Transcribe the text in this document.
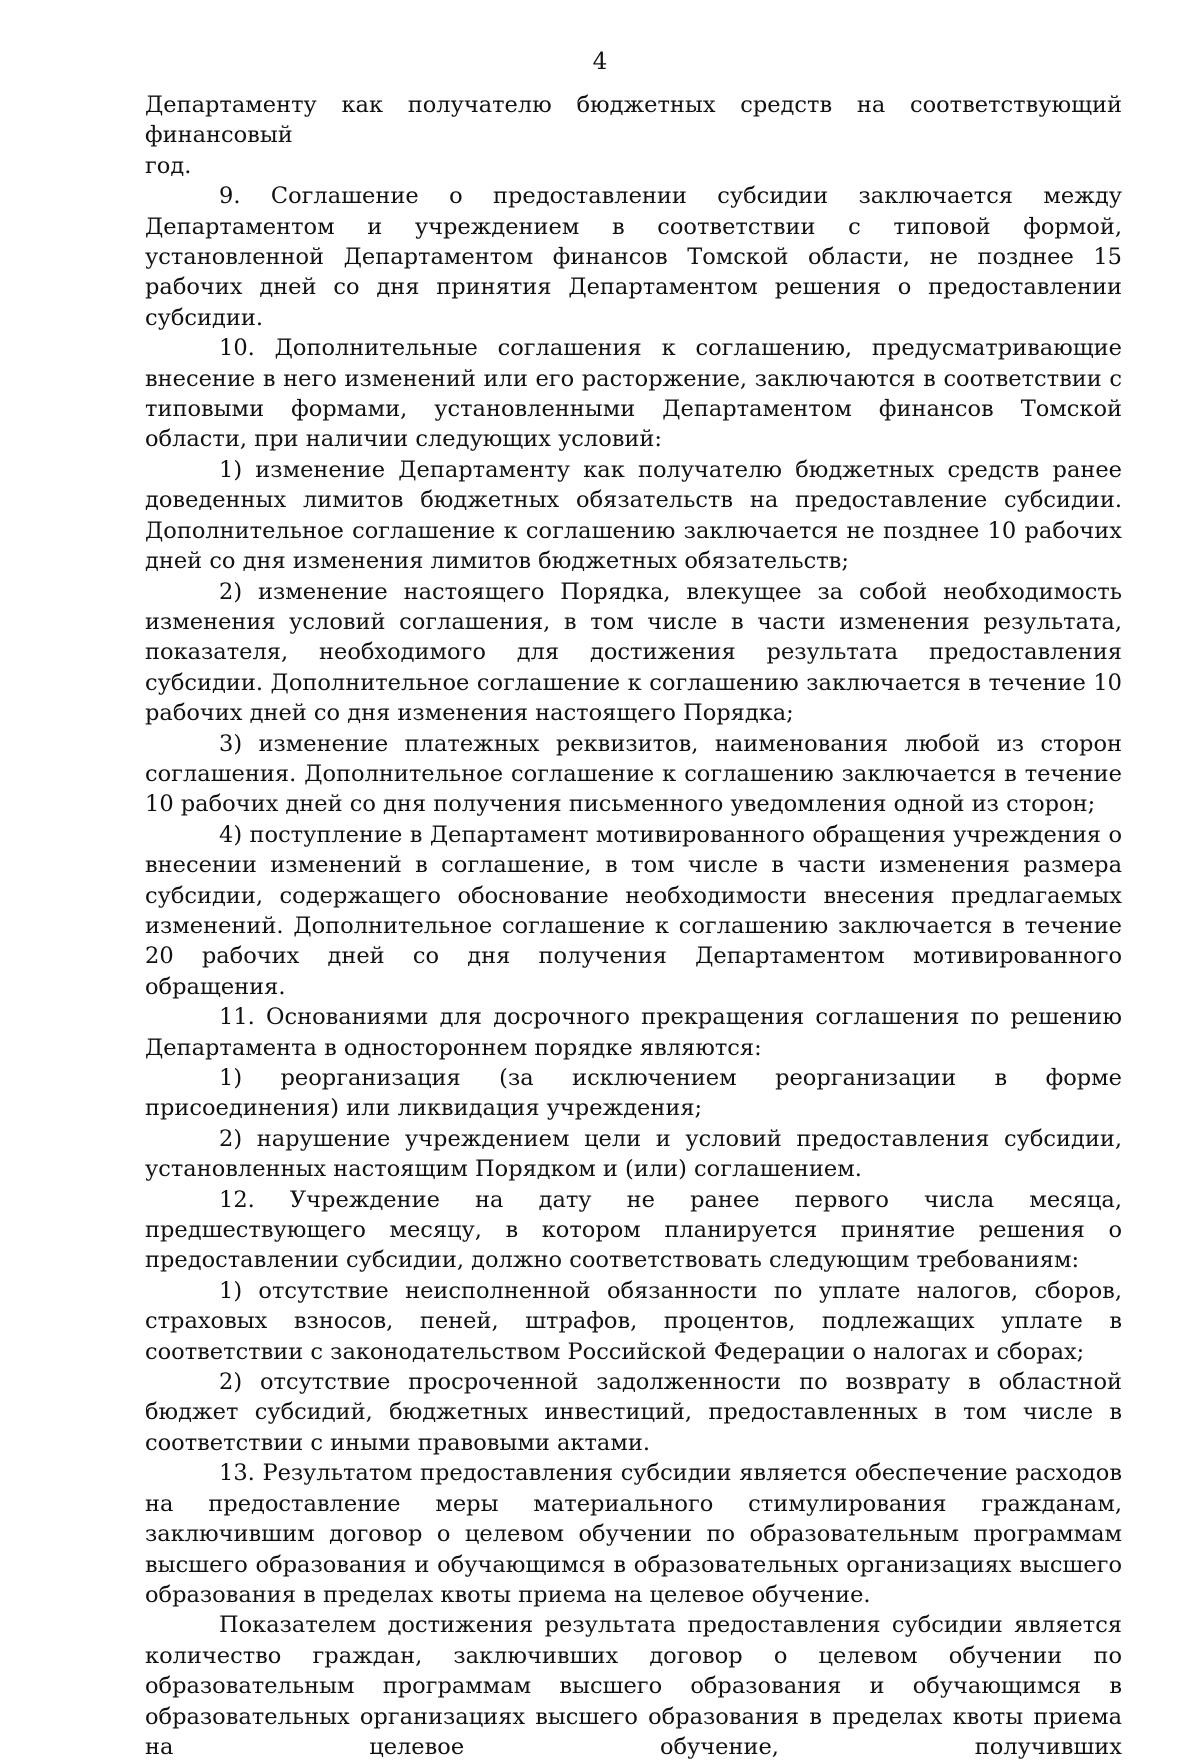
4

Департаменту как получателю бюджетных средств на соответствующий финансовый

год.

9. Соглашение о предоставлении субсидии заключается между Департаментом и учреждением в соответствии с типовой формой, установленной Департаментом финансов Томской области, не позднее 15 рабочих дней со дня принятия Департаментом решения о предоставлении субсидии.

10. Дополнительные соглашения к соглашению, предусматривающие внесение в него изменений или его расторжение, заключаются в соответствии с типовыми формами, установленными Департаментом финансов Томской области, при наличии следующих условий:

1) изменение Департаменту как получателю бюджетных средств ранее доведенных лимитов бюджетных обязательств на предоставление субсидии. Дополнительное соглашение к соглашению заключается не позднее 10 рабочих дней со дня изменения лимитов бюджетных обязательств;

2) изменение настоящего Порядка, влекущее за собой необходимость изменения условий соглашения, в том числе в части изменения результата, показателя, необходимого для достижения результата предоставления субсидии. Дополнительное соглашение к соглашению заключается в течение 10 рабочих дней со дня изменения настоящего Порядка;

3) изменение платежных реквизитов, наименования любой из сторон соглашения. Дополнительное соглашение к соглашению заключается в течение 10 рабочих дней со дня получения письменного уведомления одной из сторон;

4) поступление в Департамент мотивированного обращения учреждения о внесении изменений в соглашение, в том числе в части изменения размера субсидии, содержащего обоснование необходимости внесения предлагаемых изменений. Дополнительное соглашение к соглашению заключается в течение 20 рабочих дней со дня получения Департаментом мотивированного обращения.

11. Основаниями для досрочного прекращения соглашения по решению Департамента в одностороннем порядке являются:

1) реорганизация (за исключением реорганизации в форме присоединения) или ликвидация учреждения;

2) нарушение учреждением цели и условий предоставления субсидии, установленных настоящим Порядком и (или) соглашением.

12. Учреждение на дату не ранее первого числа месяца, предшествующего месяцу, в котором планируется принятие решения о предоставлении субсидии, должно соответствовать следующим требованиям:

1) отсутствие неисполненной обязанности по уплате налогов, сборов, страховых взносов, пеней, штрафов, процентов, подлежащих уплате в соответствии с законодательством Российской Федерации о налогах и сборах;

2) отсутствие просроченной задолженности по возврату в областной бюджет субсидий, бюджетных инвестиций, предоставленных в том числе в соответствии с иными правовыми актами.

13. Результатом предоставления субсидии является обеспечение расходов на предоставление меры материального стимулирования гражданам, заключившим договор о целевом обучении по образовательным программам высшего образования и обучающимся в образовательных организациях высшего образования в пределах квоты приема на целевое обучение.

Показателем достижения результата предоставления субсидии является количество граждан, заключивших договор о целевом обучении по образовательным программам высшего образования и обучающимся в образовательных организациях высшего образования в пределах квоты приема на целевое обучение, получивших
